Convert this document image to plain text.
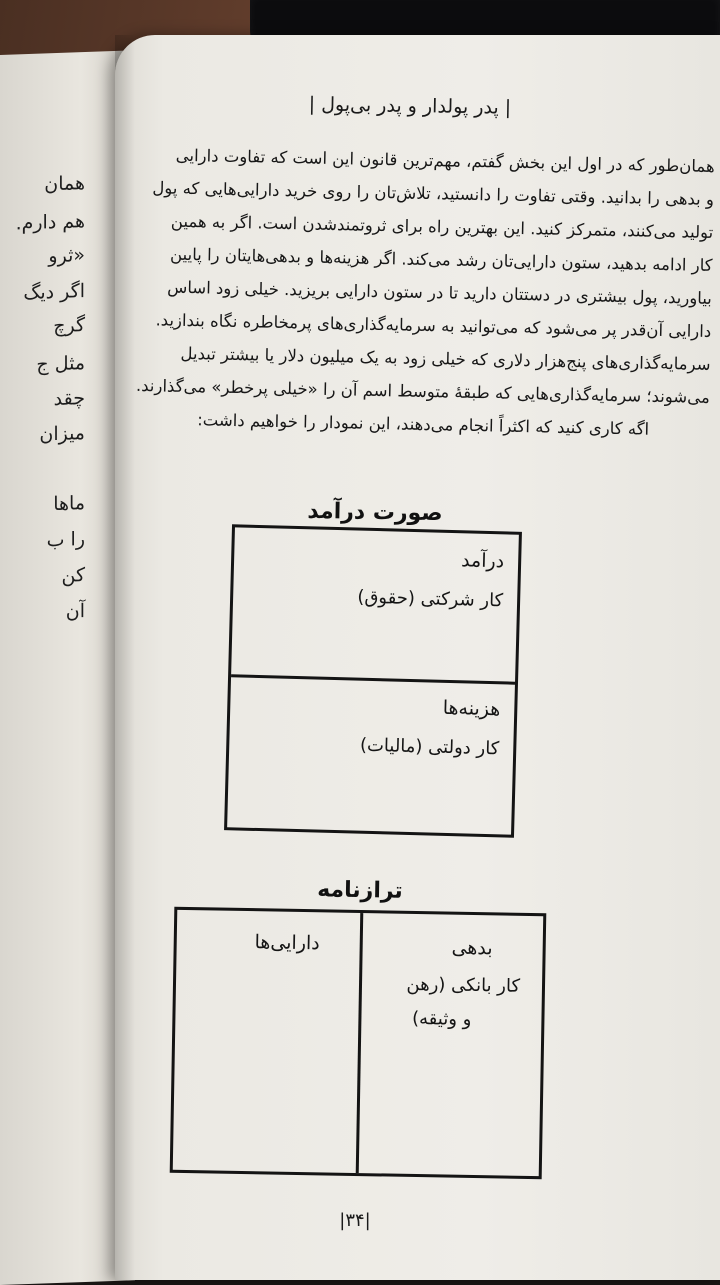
همان
هم دارم.
«ثرو
اگر دیگ
گرچ
مثل ج
چقد
میزان
ماها
را ب
کن
آن
| پدر پولدار و پدر بی‌پول |
همان‌طور که در اول این بخش گفتم، مهم‌ترین قانون این است که تفاوت دارایی
و بدهی را بدانید. وقتی تفاوت را دانستید، تلاش‌تان را روی خرید دارایی‌هایی که پول
تولید می‌کنند، متمرکز کنید. این بهترین راه برای ثروتمندشدن است. اگر به همین
کار ادامه بدهید، ستون دارایی‌تان رشد می‌کند. اگر هزینه‌ها و بدهی‌هایتان را پایین
بیاورید، پول بیشتری در دستتان دارید تا در ستون دارایی بریزید. خیلی زود اساس
دارایی آن‌قدر پر می‌شود که می‌توانید به سرمایه‌گذاری‌های پرمخاطره نگاه بندازید.
سرمایه‌گذاری‌های پنج‌هزار دلاری که خیلی زود به یک میلیون دلار یا بیشتر تبدیل
می‌شوند؛ سرمایه‌گذاری‌هایی که طبقهٔ متوسط اسم آن را «خیلی پرخطر» می‌گذارند.
اگه کاری کنید که اکثراً انجام می‌دهند، این نمودار را خواهیم داشت:
صورت درآمد
درآمد
کار شرکتی (حقوق)
هزینه‌ها
کار دولتی (مالیات)
ترازنامه
دارایی‌ها	بدهی
کار بانکی (رهن
و وثیقه)
|۳۴|
